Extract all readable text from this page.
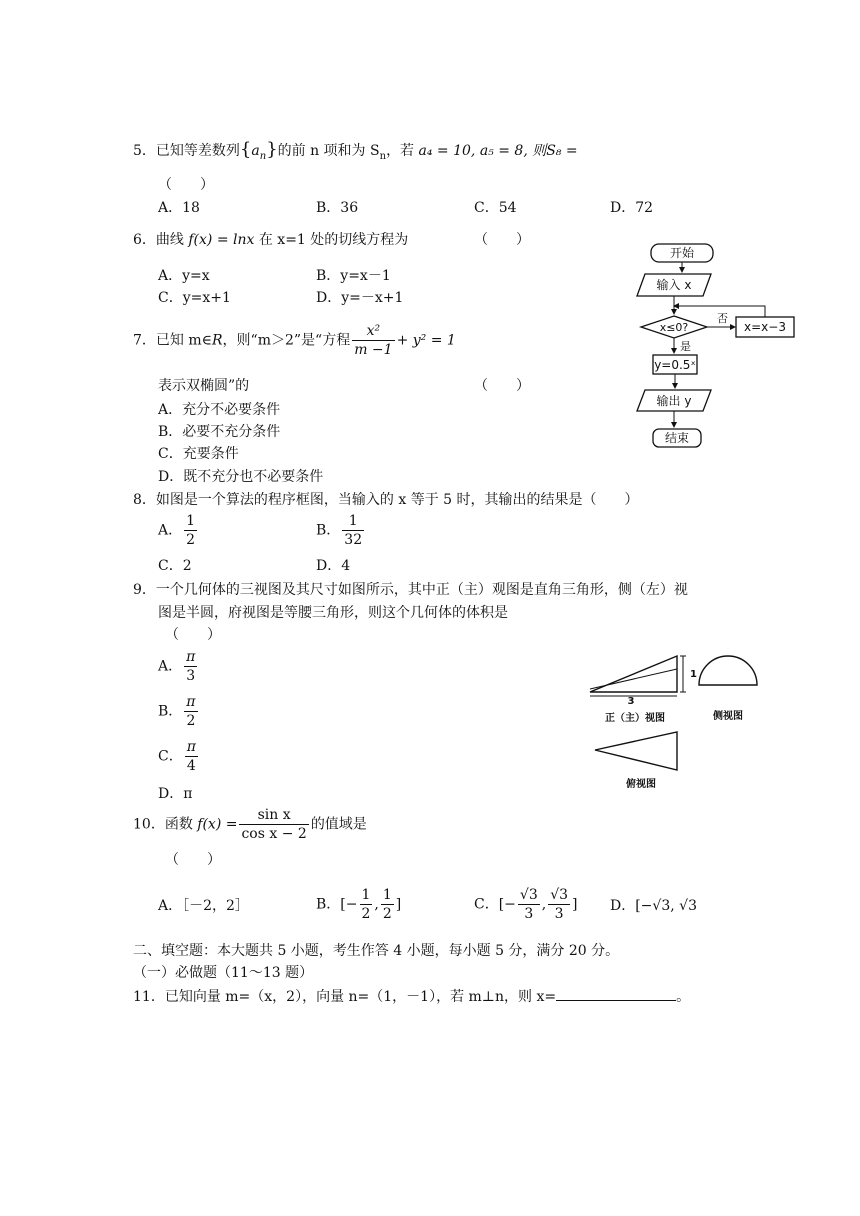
5．已知等差数列$\{a_n\}$的前 n 项和为 $S_n$，若 a₄ = 10, a₅ = 8, 则S₈ =
（　　）
A．18	B．36	C．54	D．72
6．曲线 f(x) = lnx 在 x=1 处的切线方程为	（　　）
A．y=x	B．y=x－1
C．y=x+1	D．y=－x+1
7．已知 m∈R，则“m＞2”是“方程 $\frac{\text{x²}}{m -1} + y^2 = 1$
表示双椭圆”的	（　　）
A．充分不必要条件
B．必要不充分条件
C．充要条件
D．既不充分也不必要条件
开始
输入 x
x≤0?
否
x=x−3
是
y=0.5ˣ
输出 y
结束
8．如图是一个算法的程序框图，当输入的 x 等于 5 时，其输出的结果是（　　）
A． $\frac{1}{2}$	B． $\frac{1}{32}$
C．2	D．4
9．一个几何体的三视图及其尺寸如图所示，其中正（主）观图是直角三角形，侧（左）视
图是半圆，府视图是等腰三角形，则这个几何体的体积是
（　　）
A． $\frac{\pi}{3}$
B． $\frac{\pi}{2}$
C． $\frac{\pi}{4}$
D．π
1
3
正（主）视图	侧视图
俯视图
10．函数 $f(x) = \frac{\text{sin x}}{\text{cos x − 2}}$ 的值域是
（　　）
A．［－2，2］	B．[− $\frac{1}{2}$ , $\frac{1}{2}$ ]	C．[− $\frac{√3}{3}$ , $\frac{√3}{3}$ ] D．[−√3, √3
二、填空题：本大题共 5 小题，考生作答 4 小题，每小题 5 分，满分 20 分。
（一）必做题（11～13 题）
11．已知向量 m=（x，2），向量 n=（1，－1），若 m⊥n，则 x=	。
